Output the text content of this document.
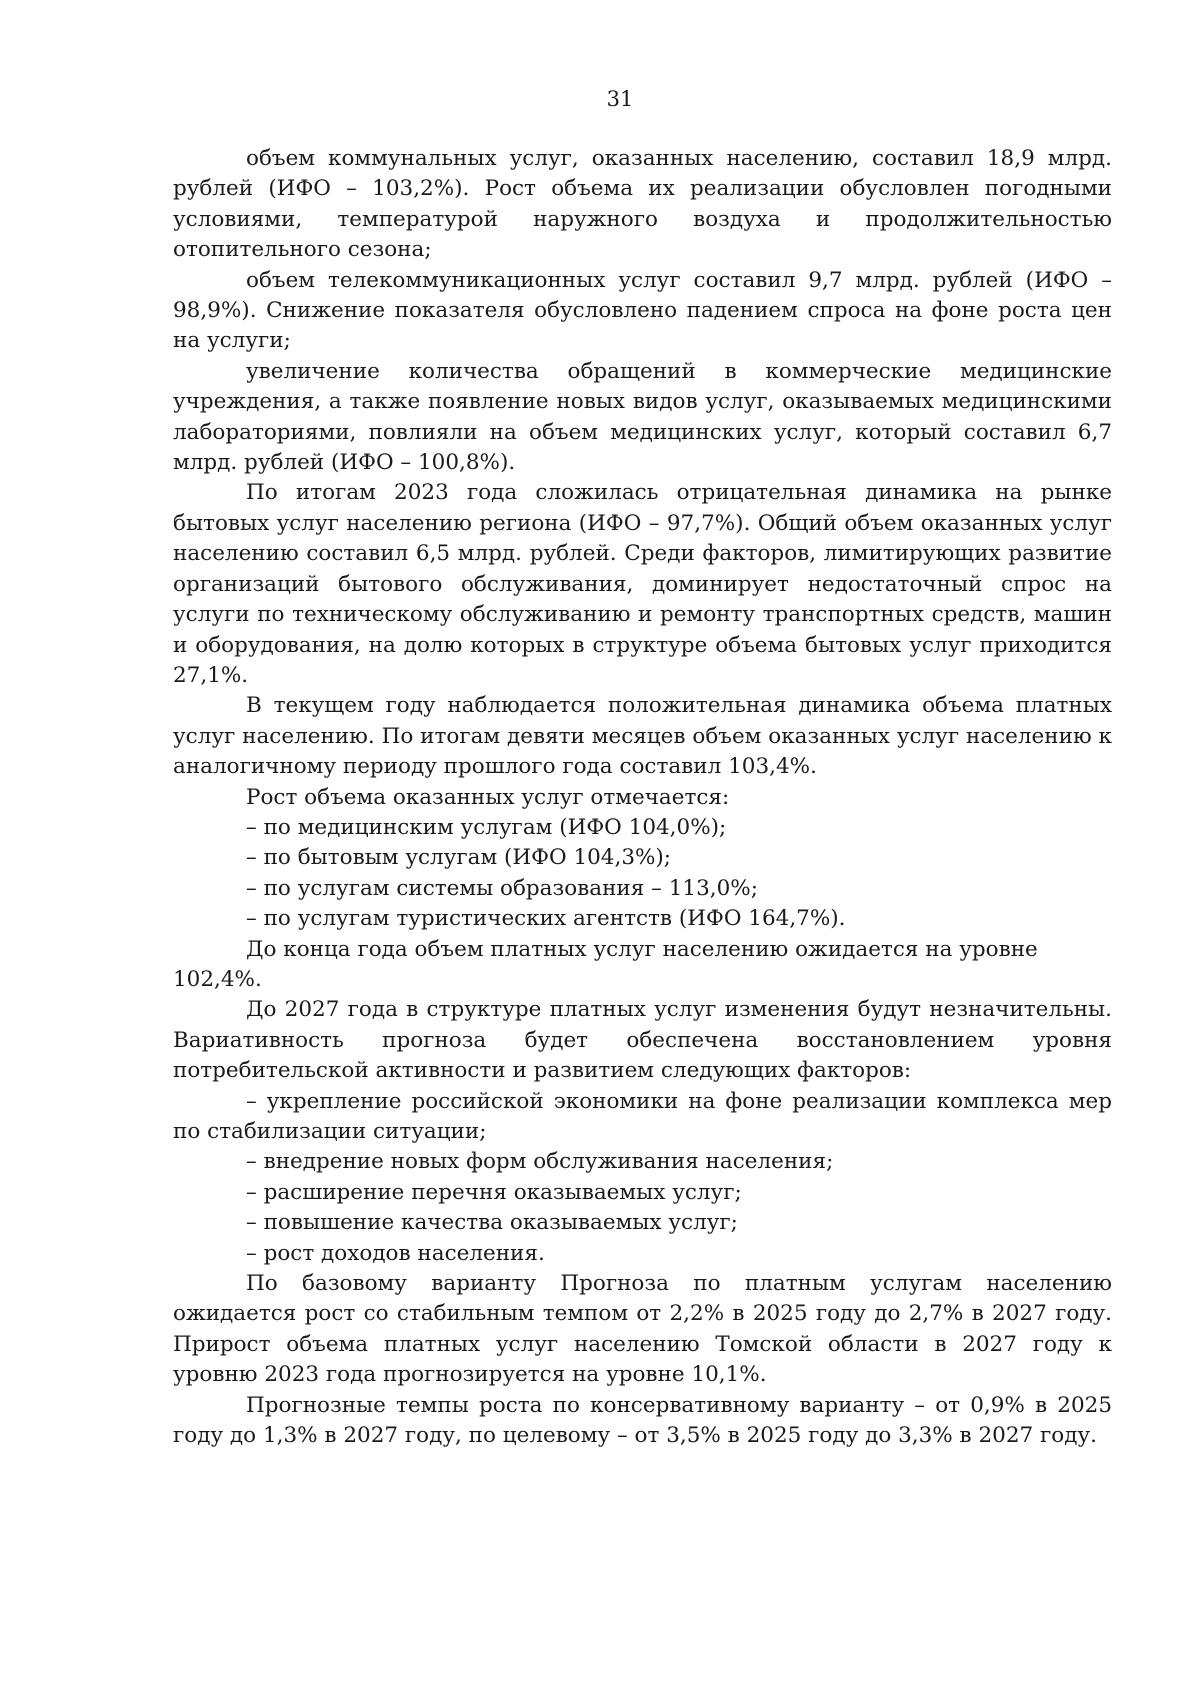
31

объем коммунальных услуг, оказанных населению, составил 18,9 млрд. рублей (ИФО – 103,2%). Рост объема их реализации обусловлен погодными условиями, температурой наружного воздуха и продолжительностью отопительного сезона;

объем телекоммуникационных услуг составил 9,7 млрд. рублей (ИФО – 98,9%). Снижение показателя обусловлено падением спроса на фоне роста цен на услуги;

увеличение количества обращений в коммерческие медицинские учреждения, а также появление новых видов услуг, оказываемых медицинскими лабораториями, повлияли на объем медицинских услуг, который составил 6,7 млрд. рублей (ИФО – 100,8%).

По итогам 2023 года сложилась отрицательная динамика на рынке бытовых услуг населению региона (ИФО – 97,7%). Общий объем оказанных услуг населению составил 6,5 млрд. рублей. Среди факторов, лимитирующих развитие организаций бытового обслуживания, доминирует недостаточный спрос на услуги по техническому обслуживанию и ремонту транспортных средств, машин и оборудования, на долю которых в структуре объема бытовых услуг приходится 27,1%.

В текущем году наблюдается положительная динамика объема платных услуг населению. По итогам девяти месяцев объем оказанных услуг населению к аналогичному периоду прошлого года составил 103,4%.

Рост объема оказанных услуг отмечается:

– по медицинским услугам (ИФО 104,0%);

– по бытовым услугам (ИФО 104,3%);

– по услугам системы образования – 113,0%;

– по услугам туристических агентств (ИФО 164,7%).

До конца года объем платных услуг населению ожидается на уровне 102,4%.

До 2027 года в структуре платных услуг изменения будут незначительны. Вариативность прогноза будет обеспечена восстановлением уровня потребительской активности и развитием следующих факторов:

– укрепление российской экономики на фоне реализации комплекса мер по стабилизации ситуации;

– внедрение новых форм обслуживания населения;

– расширение перечня оказываемых услуг;

– повышение качества оказываемых услуг;

– рост доходов населения.

По базовому варианту Прогноза по платным услугам населению ожидается рост со стабильным темпом от 2,2% в 2025 году до 2,7% в 2027 году. Прирост объема платных услуг населению Томской области в 2027 году к уровню 2023 года прогнозируется на уровне 10,1%.

Прогнозные темпы роста по консервативному варианту – от 0,9% в 2025 году до 1,3% в 2027 году, по целевому – от 3,5% в 2025 году до 3,3% в 2027 году.
